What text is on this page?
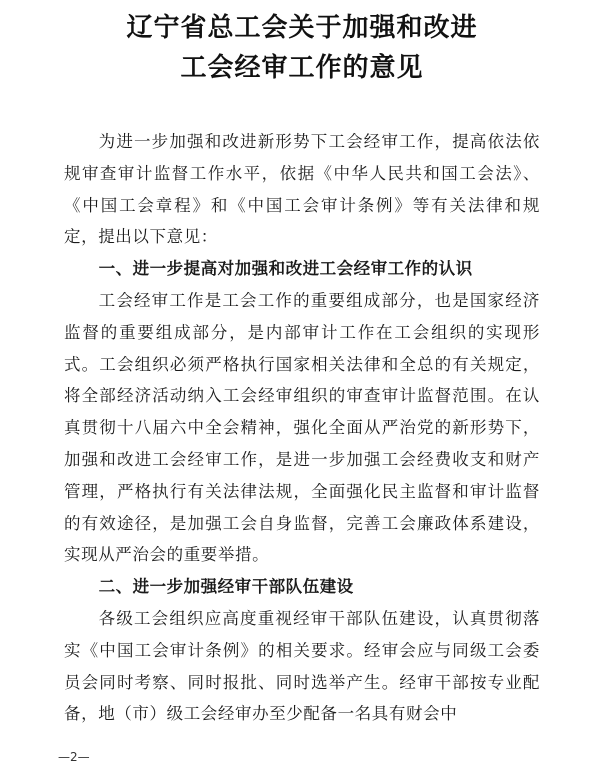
辽宁省总工会关于加强和改进
工会经审工作的意见

为进一步加强和改进新形势下工会经审工作，提高依法依规审查审计监督工作水平，依据《中华人民共和国工会法》、《中国工会章程》和《中国工会审计条例》等有关法律和规定，提出以下意见：

一、进一步提高对加强和改进工会经审工作的认识

工会经审工作是工会工作的重要组成部分，也是国家经济监督的重要组成部分，是内部审计工作在工会组织的实现形式。工会组织必须严格执行国家相关法律和全总的有关规定，将全部经济活动纳入工会经审组织的审查审计监督范围。在认真贯彻十八届六中全会精神，强化全面从严治党的新形势下，加强和改进工会经审工作，是进一步加强工会经费收支和财产管理，严格执行有关法律法规，全面强化民主监督和审计监督的有效途径，是加强工会自身监督，完善工会廉政体系建设，实现从严治会的重要举措。

二、进一步加强经审干部队伍建设

各级工会组织应高度重视经审干部队伍建设，认真贯彻落实《中国工会审计条例》的相关要求。经审会应与同级工会委员会同时考察、同时报批、同时选举产生。经审干部按专业配备，地（市）级工会经审办至少配备一名具有财会中

—2—
